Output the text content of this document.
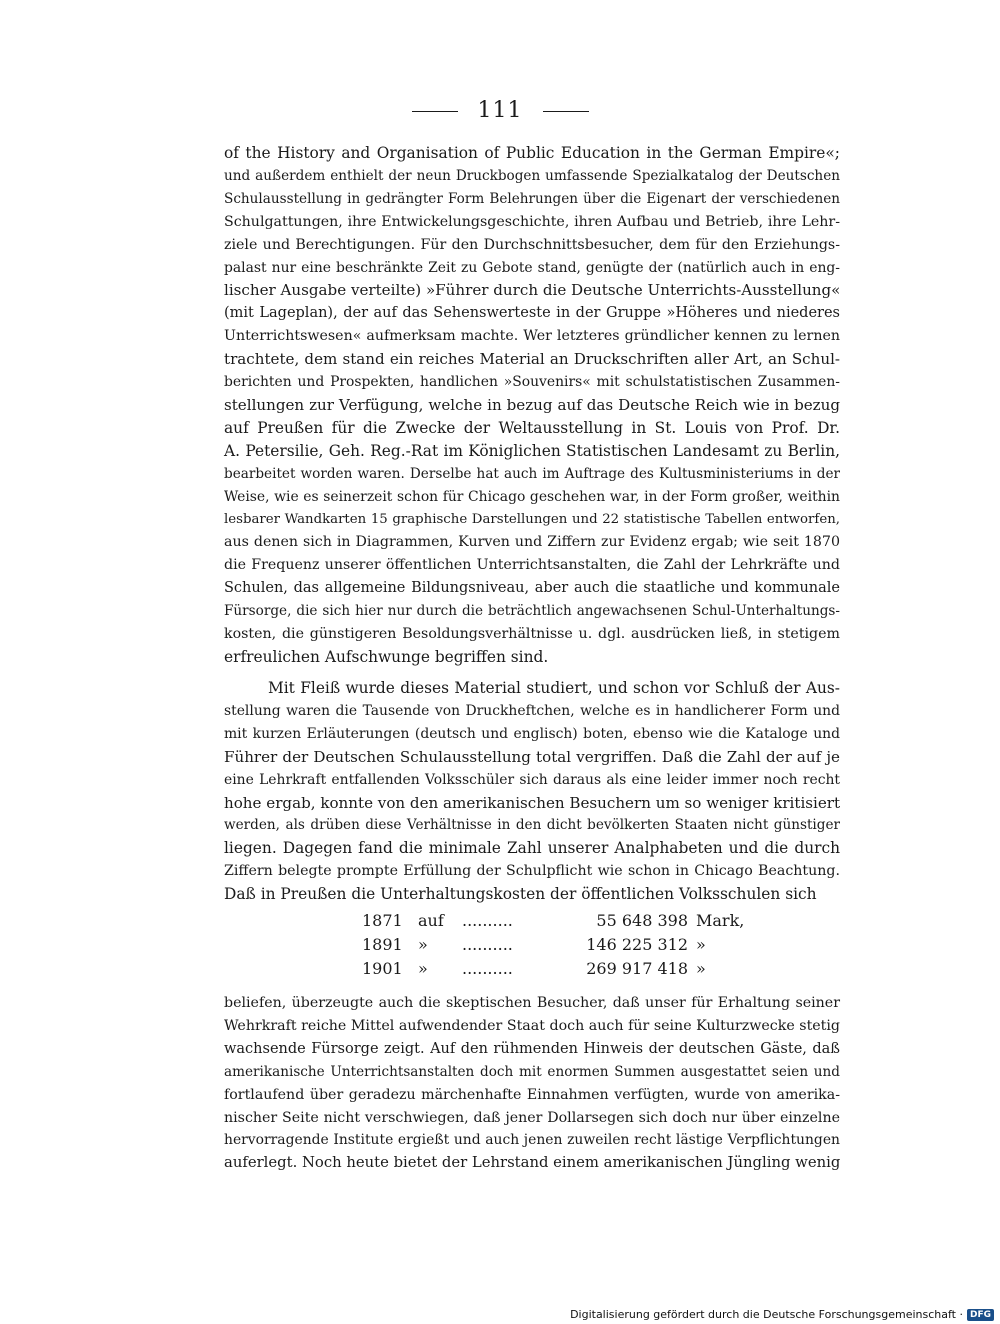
111
of the History and Organisation of Public Education in the German Empire«;
und außerdem enthielt der neun Druckbogen umfassende Spezialkatalog der Deutschen
Schulausstellung in gedrängter Form Belehrungen über die Eigenart der verschiedenen
Schulgattungen, ihre Entwickelungsgeschichte, ihren Aufbau und Betrieb, ihre Lehr-
ziele und Berechtigungen. Für den Durchschnittsbesucher, dem für den Erziehungs-
palast nur eine beschränkte Zeit zu Gebote stand, genügte der (natürlich auch in eng-
lischer Ausgabe verteilte) »Führer durch die Deutsche Unterrichts-Ausstellung«
(mit Lageplan), der auf das Sehenswerteste in der Gruppe »Höheres und niederes
Unterrichtswesen« aufmerksam machte. Wer letzteres gründlicher kennen zu lernen
trachtete, dem stand ein reiches Material an Druckschriften aller Art, an Schul-
berichten und Prospekten, handlichen »Souvenirs« mit schulstatistischen Zusammen-
stellungen zur Verfügung, welche in bezug auf das Deutsche Reich wie in bezug
auf Preußen für die Zwecke der Weltausstellung in St. Louis von Prof. Dr.
A. Petersilie, Geh. Reg.-Rat im Königlichen Statistischen Landesamt zu Berlin,
bearbeitet worden waren. Derselbe hat auch im Auftrage des Kultusministeriums in der
Weise, wie es seinerzeit schon für Chicago geschehen war, in der Form großer, weithin
lesbarer Wandkarten 15 graphische Darstellungen und 22 statistische Tabellen entworfen,
aus denen sich in Diagrammen, Kurven und Ziffern zur Evidenz ergab; wie seit 1870
die Frequenz unserer öffentlichen Unterrichtsanstalten, die Zahl der Lehrkräfte und
Schulen, das allgemeine Bildungsniveau, aber auch die staatliche und kommunale
Fürsorge, die sich hier nur durch die beträchtlich angewachsenen Schul-Unterhaltungs-
kosten, die günstigeren Besoldungsverhältnisse u. dgl. ausdrücken ließ, in stetigem
erfreulichen Aufschwunge begriffen sind.
Mit Fleiß wurde dieses Material studiert, und schon vor Schluß der Aus-
stellung waren die Tausende von Druckheftchen, welche es in handlicherer Form und
mit kurzen Erläuterungen (deutsch und englisch) boten, ebenso wie die Kataloge und
Führer der Deutschen Schulausstellung total vergriffen. Daß die Zahl der auf je
eine Lehrkraft entfallenden Volksschüler sich daraus als eine leider immer noch recht
hohe ergab, konnte von den amerikanischen Besuchern um so weniger kritisiert
werden, als drüben diese Verhältnisse in den dicht bevölkerten Staaten nicht günstiger
liegen. Dagegen fand die minimale Zahl unserer Analphabeten und die durch
Ziffern belegte prompte Erfüllung der Schulpflicht wie schon in Chicago Beachtung.
Daß in Preußen die Unterhaltungskosten der öffentlichen Volksschulen sich
1871 auf	..........	55 648 398 Mark,
1891 »	..........	146 225 312 »
1901 »	..........	269 917 418 »
beliefen, überzeugte auch die skeptischen Besucher, daß unser für Erhaltung seiner
Wehrkraft reiche Mittel aufwendender Staat doch auch für seine Kulturzwecke stetig
wachsende Fürsorge zeigt. Auf den rühmenden Hinweis der deutschen Gäste, daß
amerikanische Unterrichtsanstalten doch mit enormen Summen ausgestattet seien und
fortlaufend über geradezu märchenhafte Einnahmen verfügten, wurde von amerika-
nischer Seite nicht verschwiegen, daß jener Dollarsegen sich doch nur über einzelne
hervorragende Institute ergießt und auch jenen zuweilen recht lästige Verpflichtungen
auferlegt. Noch heute bietet der Lehrstand einem amerikanischen Jüngling wenig
Digitalisierung gefördert durch die Deutsche Forschungsgemeinschaft · DFG
